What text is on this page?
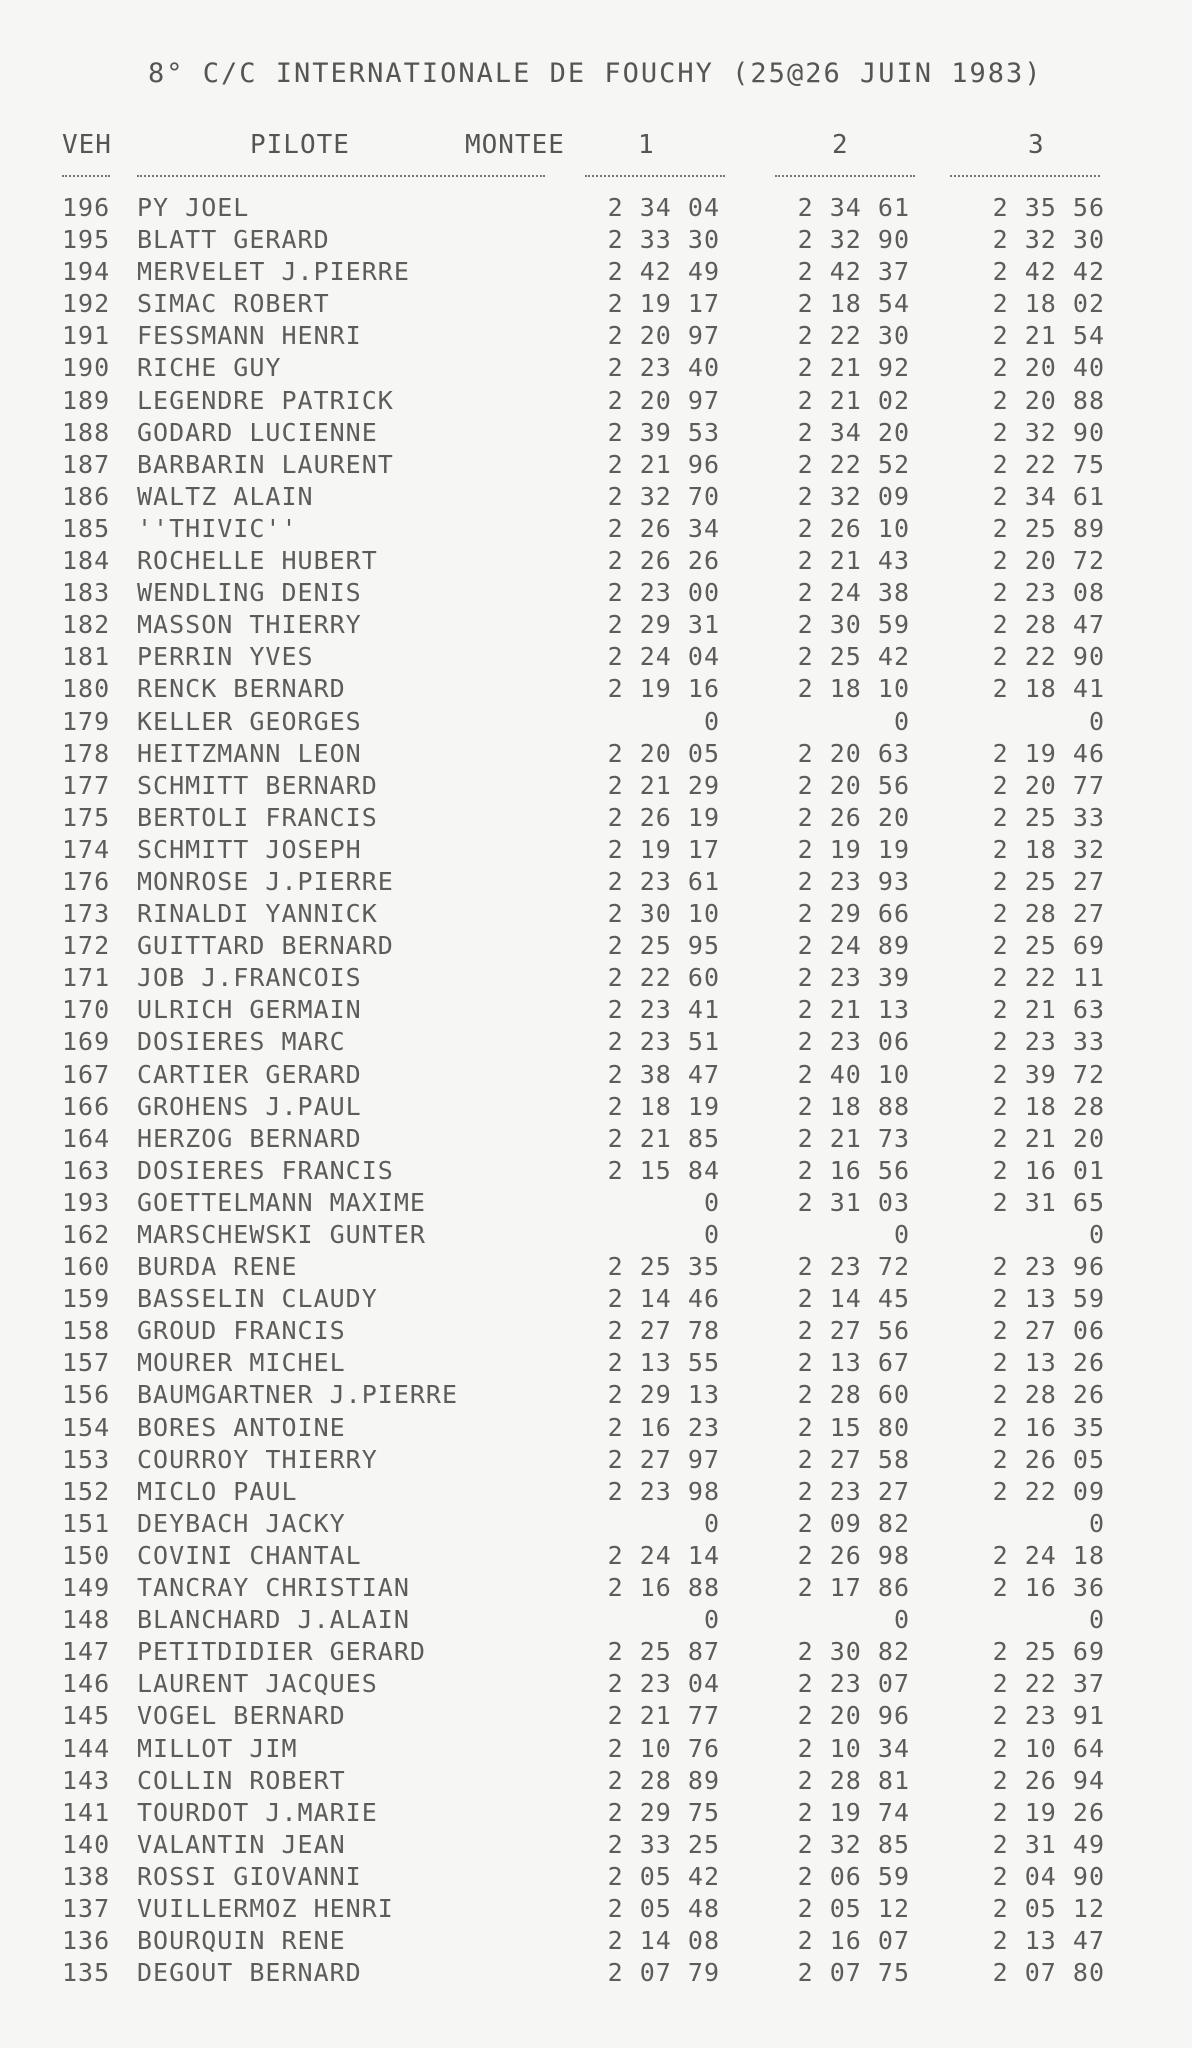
8° C/C INTERNATIONALE DE FOUCHY (25@26 JUIN 1983)
VEH	PILOTE	MONTEE	1	2	3
196	PY JOEL	2 34 04	2 34 61	2 35 56
195	BLATT GERARD	2 33 30	2 32 90	2 32 30
194	MERVELET J.PIERRE	2 42 49	2 42 37	2 42 42
192	SIMAC ROBERT	2 19 17	2 18 54	2 18 02
191	FESSMANN HENRI	2 20 97	2 22 30	2 21 54
190	RICHE GUY	2 23 40	2 21 92	2 20 40
189	LEGENDRE PATRICK	2 20 97	2 21 02	2 20 88
188	GODARD LUCIENNE	2 39 53	2 34 20	2 32 90
187	BARBARIN LAURENT	2 21 96	2 22 52	2 22 75
186	WALTZ ALAIN	2 32 70	2 32 09	2 34 61
185	''THIVIC''	2 26 34	2 26 10	2 25 89
184	ROCHELLE HUBERT	2 26 26	2 21 43	2 20 72
183	WENDLING DENIS	2 23 00	2 24 38	2 23 08
182	MASSON THIERRY	2 29 31	2 30 59	2 28 47
181	PERRIN YVES	2 24 04	2 25 42	2 22 90
180	RENCK BERNARD	2 19 16	2 18 10	2 18 41
179	KELLER GEORGES	0	0	0
178	HEITZMANN LEON	2 20 05	2 20 63	2 19 46
177	SCHMITT BERNARD	2 21 29	2 20 56	2 20 77
175	BERTOLI FRANCIS	2 26 19	2 26 20	2 25 33
174	SCHMITT JOSEPH	2 19 17	2 19 19	2 18 32
176	MONROSE J.PIERRE	2 23 61	2 23 93	2 25 27
173	RINALDI YANNICK	2 30 10	2 29 66	2 28 27
172	GUITTARD BERNARD	2 25 95	2 24 89	2 25 69
171	JOB J.FRANCOIS	2 22 60	2 23 39	2 22 11
170	ULRICH GERMAIN	2 23 41	2 21 13	2 21 63
169	DOSIERES MARC	2 23 51	2 23 06	2 23 33
167	CARTIER GERARD	2 38 47	2 40 10	2 39 72
166	GROHENS J.PAUL	2 18 19	2 18 88	2 18 28
164	HERZOG BERNARD	2 21 85	2 21 73	2 21 20
163	DOSIERES FRANCIS	2 15 84	2 16 56	2 16 01
193	GOETTELMANN MAXIME	0	2 31 03	2 31 65
162	MARSCHEWSKI GUNTER	0	0	0
160	BURDA RENE	2 25 35	2 23 72	2 23 96
159	BASSELIN CLAUDY	2 14 46	2 14 45	2 13 59
158	GROUD FRANCIS	2 27 78	2 27 56	2 27 06
157	MOURER MICHEL	2 13 55	2 13 67	2 13 26
156	BAUMGARTNER J.PIERRE	2 29 13	2 28 60	2 28 26
154	BORES ANTOINE	2 16 23	2 15 80	2 16 35
153	COURROY THIERRY	2 27 97	2 27 58	2 26 05
152	MICLO PAUL	2 23 98	2 23 27	2 22 09
151	DEYBACH JACKY	0	2 09 82	0
150	COVINI CHANTAL	2 24 14	2 26 98	2 24 18
149	TANCRAY CHRISTIAN	2 16 88	2 17 86	2 16 36
148	BLANCHARD J.ALAIN	0	0	0
147	PETITDIDIER GERARD	2 25 87	2 30 82	2 25 69
146	LAURENT JACQUES	2 23 04	2 23 07	2 22 37
145	VOGEL BERNARD	2 21 77	2 20 96	2 23 91
144	MILLOT JIM	2 10 76	2 10 34	2 10 64
143	COLLIN ROBERT	2 28 89	2 28 81	2 26 94
141	TOURDOT J.MARIE	2 29 75	2 19 74	2 19 26
140	VALANTIN JEAN	2 33 25	2 32 85	2 31 49
138	ROSSI GIOVANNI	2 05 42	2 06 59	2 04 90
137	VUILLERMOZ HENRI	2 05 48	2 05 12	2 05 12
136	BOURQUIN RENE	2 14 08	2 16 07	2 13 47
135	DEGOUT BERNARD	2 07 79	2 07 75	2 07 80
